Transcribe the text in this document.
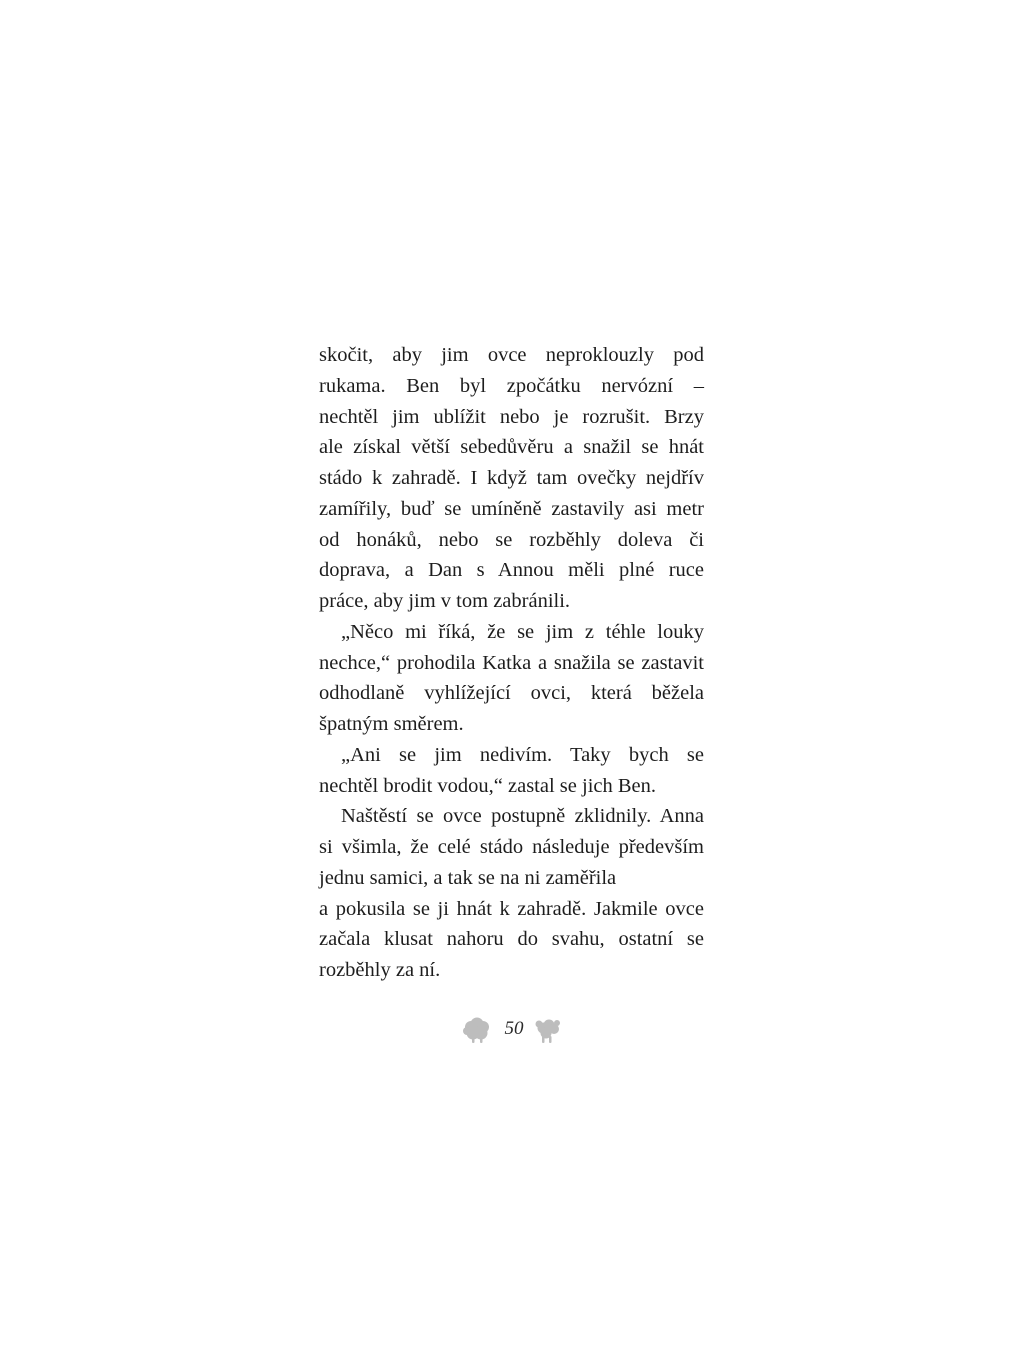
skočit, aby jim ovce neproklouzly pod
rukama. Ben byl zpočátku nervózní –
nechtěl jim ublížit nebo je rozrušit. Brzy
ale získal větší sebedůvěru a snažil se hnát
stádo k zahradě. I když tam ovečky nejdřív
zamířily, buď se umíněně zastavily asi metr
od honáků, nebo se rozběhly doleva či
doprava, a Dan s Annou měli plné ruce
práce, aby jim v tom zabránili.
„Něco mi říká, že se jim z téhle louky
nechce,“ prohodila Katka a snažila se zastavit
odhodlaně vyhlížející ovci, která běžela
špatným směrem.
„Ani se jim nedivím. Taky bych se
nechtěl brodit vodou,“ zastal se jich Ben.
Naštěstí se ovce postupně zklidnily. Anna
si všimla, že celé stádo následuje především
jednu samici, a tak se na ni zaměřila
a pokusila se ji hnát k zahradě. Jakmile ovce
začala klusat nahoru do svahu, ostatní se
rozběhly za ní.
50
